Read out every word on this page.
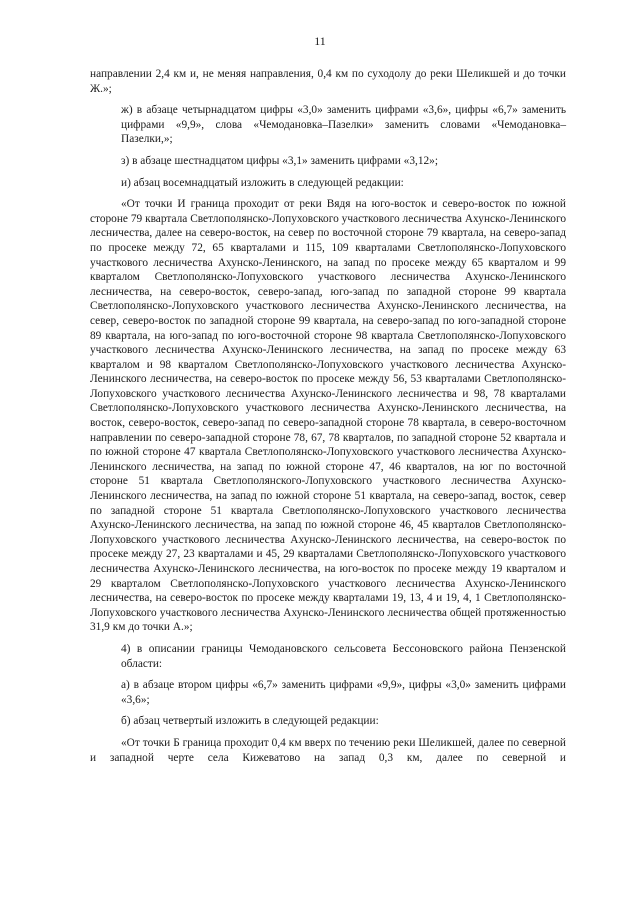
11

направлении 2,4 км и, не меняя направления, 0,4 км по суходолу до реки Шеликшей и до точки Ж.»;

ж) в абзаце четырнадцатом цифры «3,0» заменить цифрами «3,6», цифры «6,7» заменить цифрами «9,9», слова «Чемодановка–Пазелки» заменить словами «Чемодановка–Пазелки,»;

з) в абзаце шестнадцатом цифры «3,1» заменить цифрами «3,12»;

и) абзац восемнадцатый изложить в следующей редакции:

«От точки И граница проходит от реки Вядя на юго-восток и северо-восток по южной стороне 79 квартала Светлополянско-Лопуховского участкового лесничества Ахунско-Ленинского лесничества, далее на северо-восток, на север по восточной стороне 79 квартала, на северо-запад по просеке между 72, 65 кварталами и 115, 109 кварталами Светлополянско-Лопуховского участкового лесничества Ахунско-Ленинского, на запад по просеке между 65 кварталом и 99 кварталом Светлополянско-Лопуховского участкового лесничества Ахунско-Ленинского лесничества, на северо-восток, северо-запад, юго-запад по западной стороне 99 квартала Светлополянско-Лопуховского участкового лесничества Ахунско-Ленинского лесничества, на север, северо-восток по западной стороне 99 квартала, на северо-запад по юго-западной стороне 89 квартала, на юго-запад по юго-восточной стороне 98 квартала Светлополянско-Лопуховского участкового лесничества Ахунско-Ленинского лесничества, на запад по просеке между 63 кварталом и 98 кварталом Светлополянско-Лопуховского участкового лесничества Ахунско-Ленинского лесничества, на северо-восток по просеке между 56, 53 кварталами Светлополянско-Лопуховского участкового лесничества Ахунско-Ленинского лесничества и 98, 78 кварталами Светлополянско-Лопуховского участкового лесничества Ахунско-Ленинского лесничества, на восток, северо-восток, северо-запад по северо-западной стороне 78 квартала, в северо-восточном направлении по северо-западной стороне 78, 67, 78 кварталов, по западной стороне 52 квартала и по южной стороне 47 квартала Светлополянско-Лопуховского участкового лесничества Ахунско-Ленинского лесничества, на запад по южной стороне 47, 46 кварталов, на юг по восточной стороне 51 квартала Светлополянского-Лопуховского участкового лесничества Ахунско-Ленинского лесничества, на запад по южной стороне 51 квартала, на северо-запад, восток, север по западной стороне 51 квартала Светлополянско-Лопуховского участкового лесничества Ахунско-Ленинского лесничества, на запад по южной стороне 46, 45 кварталов Светлополянско-Лопуховского участкового лесничества Ахунско-Ленинского лесничества, на северо-восток по просеке между 27, 23 кварталами и 45, 29 кварталами Светлополянско-Лопуховского участкового лесничества Ахунско-Ленинского лесничества, на юго-восток по просеке между 19 кварталом и 29 кварталом Светлополянско-Лопуховского участкового лесничества Ахунско-Ленинского лесничества, на северо-восток по просеке между кварталами 19, 13, 4 и 19, 4, 1 Светлополянско-Лопуховского участкового лесничества Ахунско-Ленинского лесничества общей протяженностью 31,9 км до точки А.»;

4) в описании границы Чемодановского сельсовета Бессоновского района Пензенской области:

а) в абзаце втором цифры «6,7» заменить цифрами «9,9», цифры «3,0» заменить цифрами «3,6»;

б) абзац четвертый изложить в следующей редакции:

«От точки Б граница проходит 0,4 км вверх по течению реки Шеликшей, далее по северной и западной черте села Кижеватово на запад 0,3 км, далее по северной и
